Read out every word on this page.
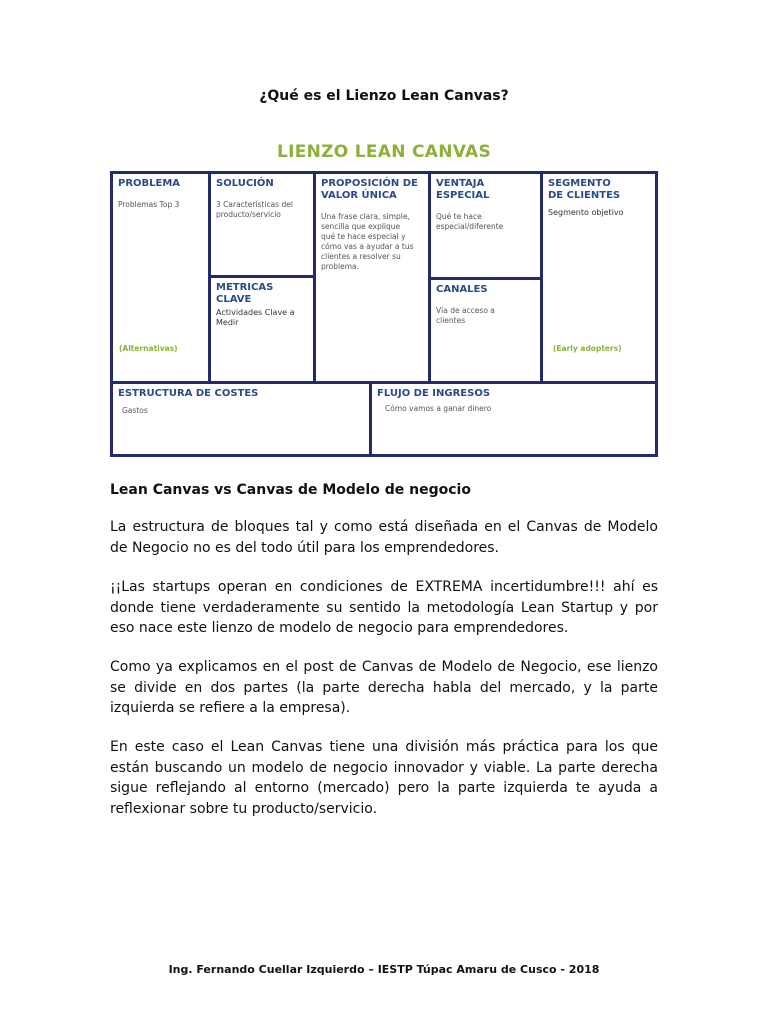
¿Qué es el Lienzo Lean Canvas?
LIENZO LEAN CANVAS
PROBLEMA
Problemas Top 3
(Alternativas)
SOLUCIÓN
3 Características del
producto/servicio
METRICAS CLAVE
Actividades Clave a
Medir
PROPOSICIÓN DE
VALOR ÚNICA
Una frase clara, simple,
sencilla que explique
qué te hace especial y
cómo vas a ayudar a tus
clientes a resolver su
problema.
VENTAJA ESPECIAL
Qué te hace
especial/diferente
CANALES
Vía de acceso a
clientes
SEGMENTO
DE CLIENTES
Segmento objetivo
(Early adopters)
ESTRUCTURA DE COSTES
Gastos
FLUJO DE INGRESOS
Cómo vamos a ganar dinero
Lean Canvas vs Canvas de Modelo de negocio

La estructura de bloques tal y como está diseñada en el Canvas de Modelo de Negocio no es del todo útil para los emprendedores.

¡¡Las startups operan en condiciones de EXTREMA incertidumbre!!! ahí es donde tiene verdaderamente su sentido la metodología Lean Startup y por eso nace este lienzo de modelo de negocio para emprendedores.

Como ya explicamos en el post de Canvas de Modelo de Negocio, ese lienzo se divide en dos partes (la parte derecha habla del mercado, y la parte izquierda se refiere a la empresa).

En este caso el Lean Canvas tiene una división más práctica para los que están buscando un modelo de negocio innovador y viable. La parte derecha sigue reflejando al entorno (mercado) pero la parte izquierda te ayuda a reflexionar sobre tu producto/servicio.

Ing. Fernando Cuellar Izquierdo – IESTP Túpac Amaru de Cusco - 2018
